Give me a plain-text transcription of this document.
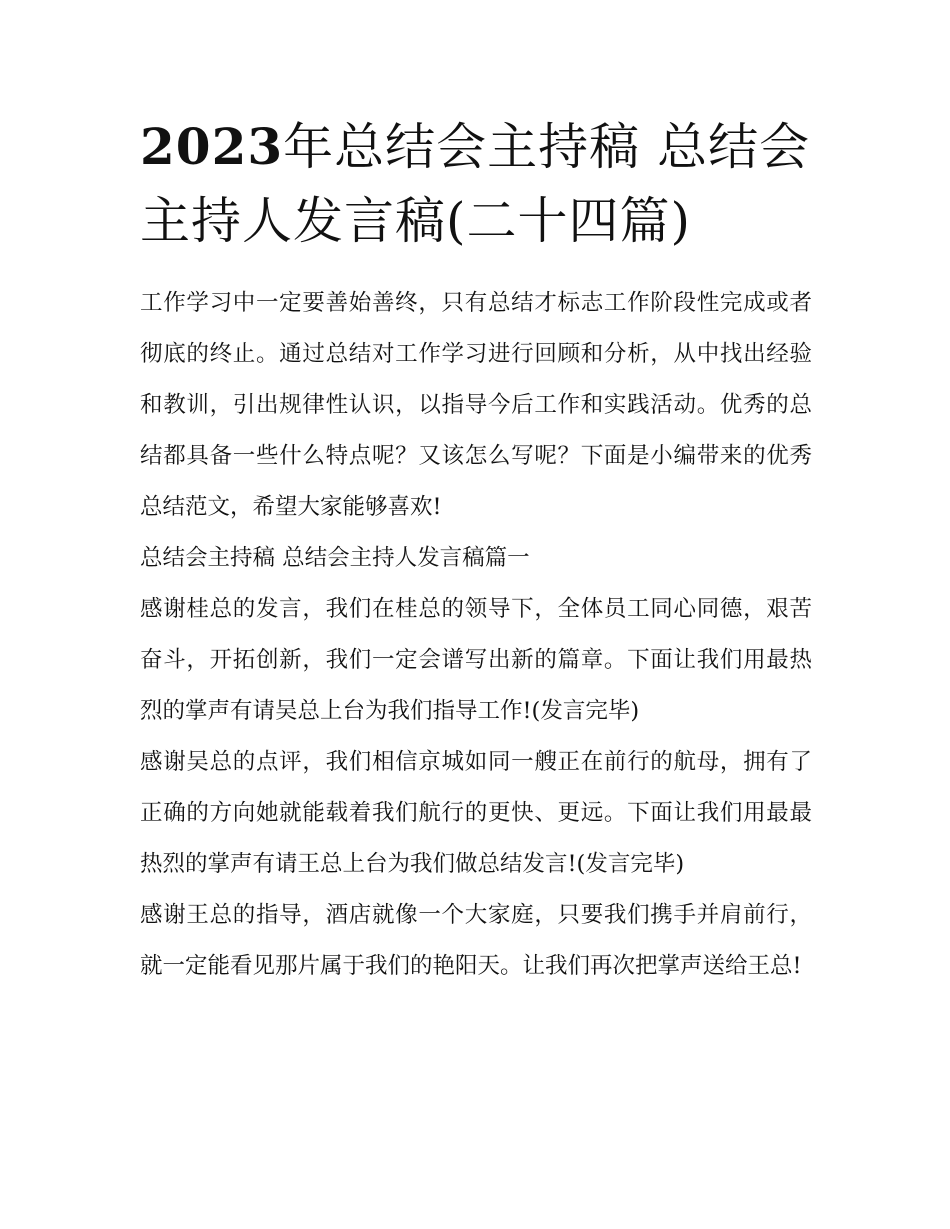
2023年总结会主持稿 总结会主持人发言稿(二十四篇)

工作学习中一定要善始善终，只有总结才标志工作阶段性完成或者彻底的终止。通过总结对工作学习进行回顾和分析，从中找出经验和教训，引出规律性认识，以指导今后工作和实践活动。优秀的总结都具备一些什么特点呢？又该怎么写呢？下面是小编带来的优秀总结范文，希望大家能够喜欢!

总结会主持稿 总结会主持人发言稿篇一

感谢桂总的发言，我们在桂总的领导下，全体员工同心同德，艰苦奋斗，开拓创新，我们一定会谱写出新的篇章。下面让我们用最热烈的掌声有请吴总上台为我们指导工作!(发言完毕)

感谢吴总的点评，我们相信京城如同一艘正在前行的航母，拥有了正确的方向她就能载着我们航行的更快、更远。下面让我们用最最热烈的掌声有请王总上台为我们做总结发言!(发言完毕)

感谢王总的指导，酒店就像一个大家庭，只要我们携手并肩前行，就一定能看见那片属于我们的艳阳天。让我们再次把掌声送给王总!
